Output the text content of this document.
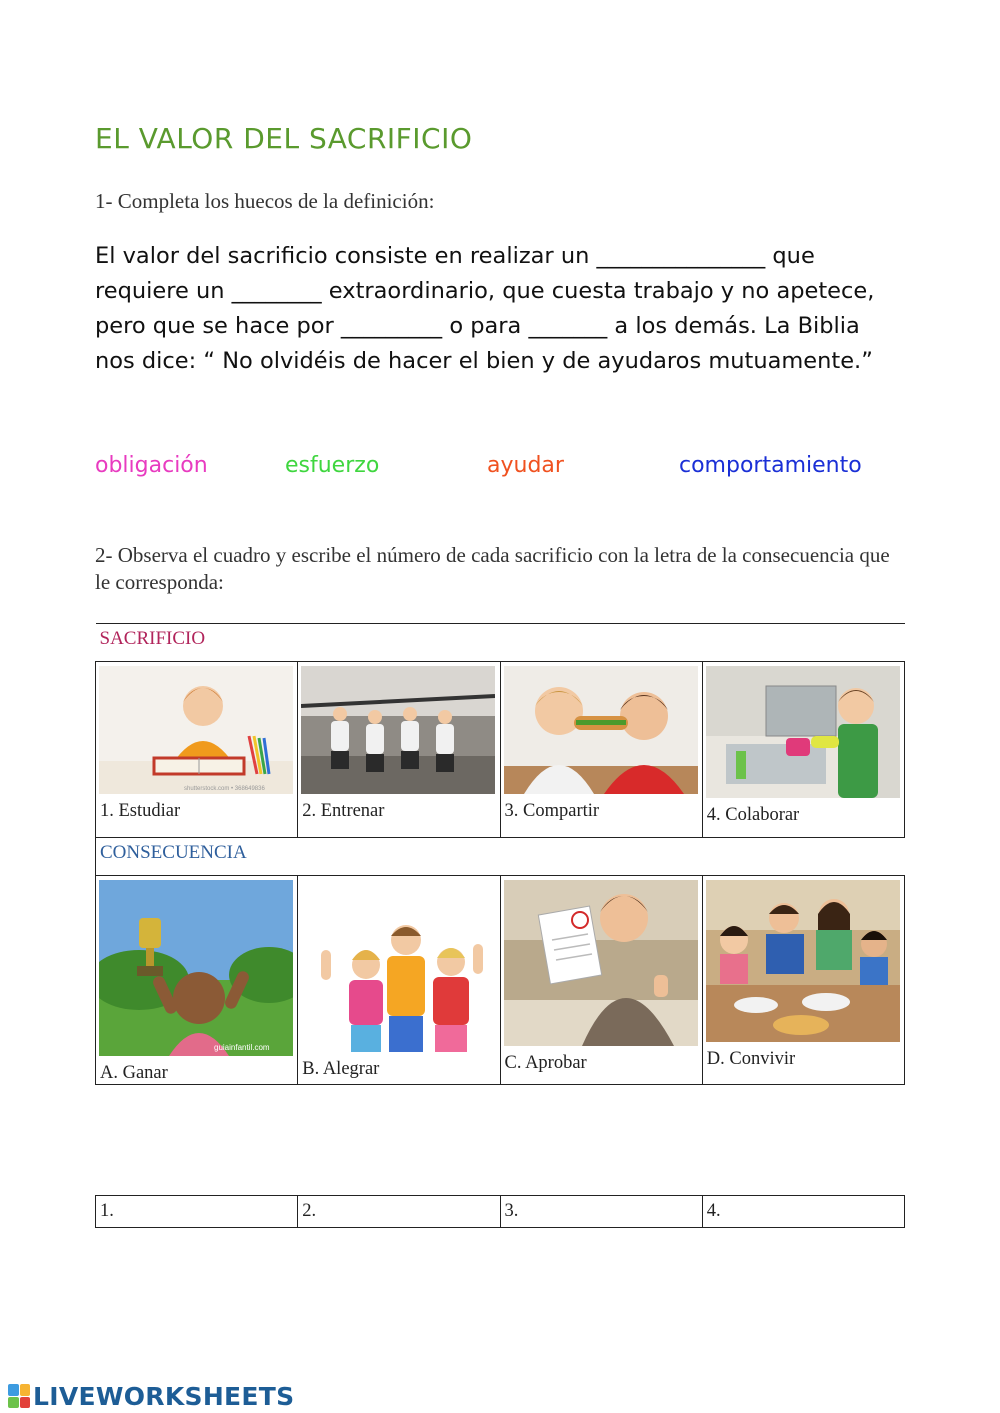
EL VALOR DEL SACRIFICIO
1- Completa los huecos de la definición:
El valor del sacrificio consiste en realizar un _______________ que requiere un ________ extraordinario, que cuesta trabajo y no apetece, pero que se hace por _________ o para _______ a los demás. La Biblia nos dice: “ No olvidéis de hacer el bien y de ayudaros mutuamente.”
obligación	esfuerzo	ayudar	comportamiento
2- Observa el cuadro y escribe el número de cada sacrificio con la letra de la consecuencia que le corresponda:
SACRIFICIO			

shutterstock.com • 368649836
1. Estudiar	2. Entrenar	3. Compartir	4. Colaborar

CONSECUENCIA			

guiainfantil.com
A. Ganar	B. Alegrar	C. Aprobar	D. Convivir
1.	2.	3.	4.
LIVEWORKSHEETS
